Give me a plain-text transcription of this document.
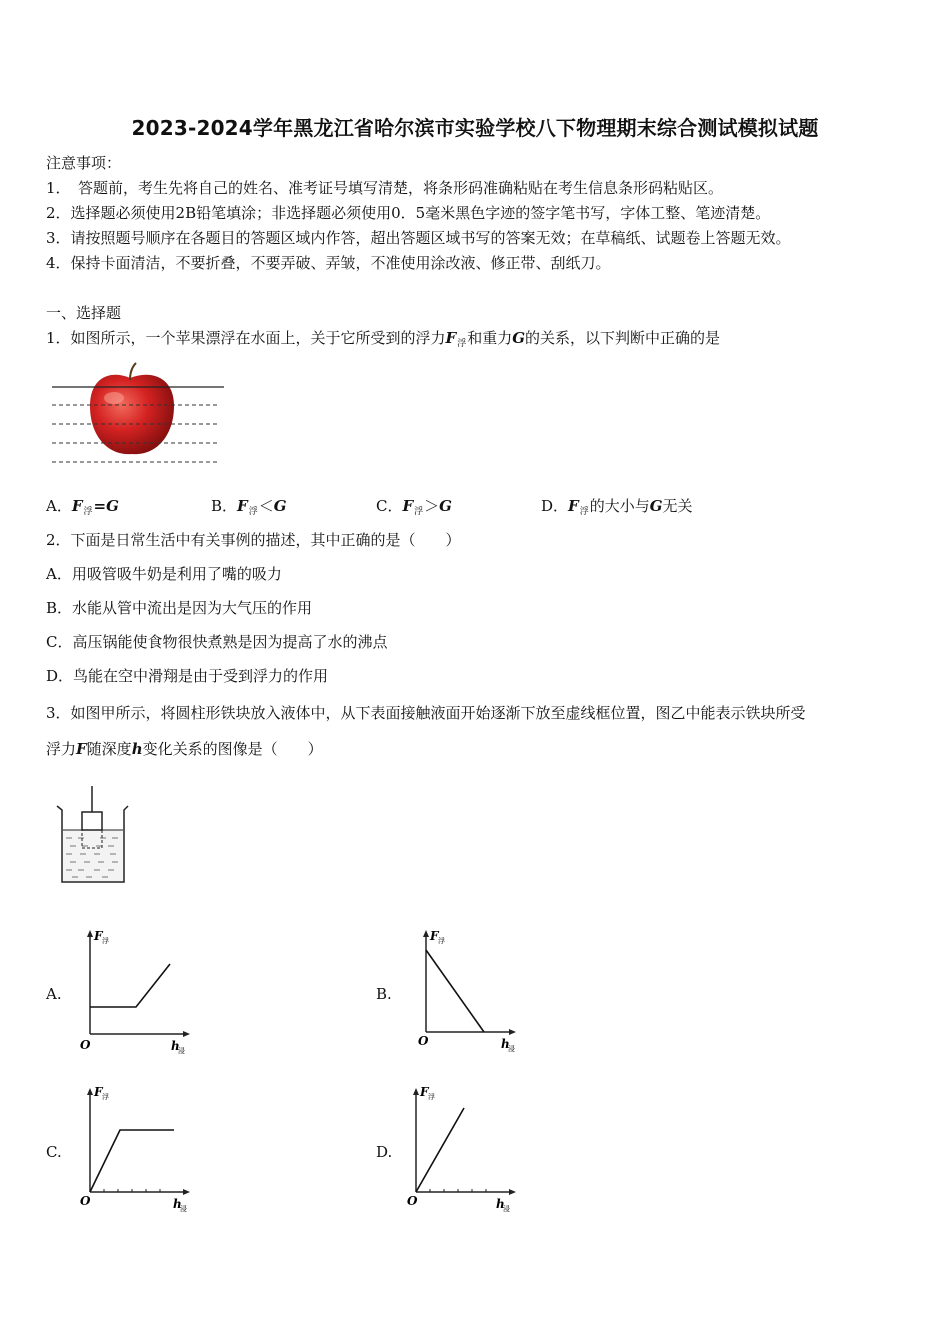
2023-2024学年黑龙江省哈尔滨市实验学校八下物理期末综合测试模拟试题
注意事项：
1．　答题前，考生先将自己的姓名、准考证号填写清楚，将条形码准确粘贴在考生信息条形码粘贴区。
2．选择题必须使用2B铅笔填涂；非选择题必须使用0．5毫米黑色字迹的签字笔书写，字体工整、笔迹清楚。
3．请按照题号顺序在各题目的答题区域内作答，超出答题区域书写的答案无效；在草稿纸、试题卷上答题无效。
4．保持卡面清洁，不要折叠，不要弄破、弄皱，不准使用涂改液、修正带、刮纸刀。
一、选择题
1．如图所示，一个苹果漂浮在水面上，关于它所受到的浮力$F_浮$和重力G的关系，以下判断中正确的是
A．$F_浮=G$	B．$F_浮<G$	C．$F_浮>G$	D．$F_浮$的大小与G无关
2．下面是日常生活中有关事例的描述，其中正确的是（　　）
A．用吸管吸牛奶是利用了嘴的吸力
B．水能从管中流出是因为大气压的作用
C．高压锅能使食物很快煮熟是因为提高了水的沸点
D．鸟能在空中滑翔是由于受到浮力的作用
3．如图甲所示，将圆柱形铁块放入液体中，从下表面接触液面开始逐渐下放至虚线框位置，图乙中能表示铁块所受
浮力F随深度h变化关系的图像是（　　）
A.	B.
C.	D.
F 浮
O	h
浸
F 浮
O	h
浸
F 浮
O	h
浸
F 浮
O	h
浸
